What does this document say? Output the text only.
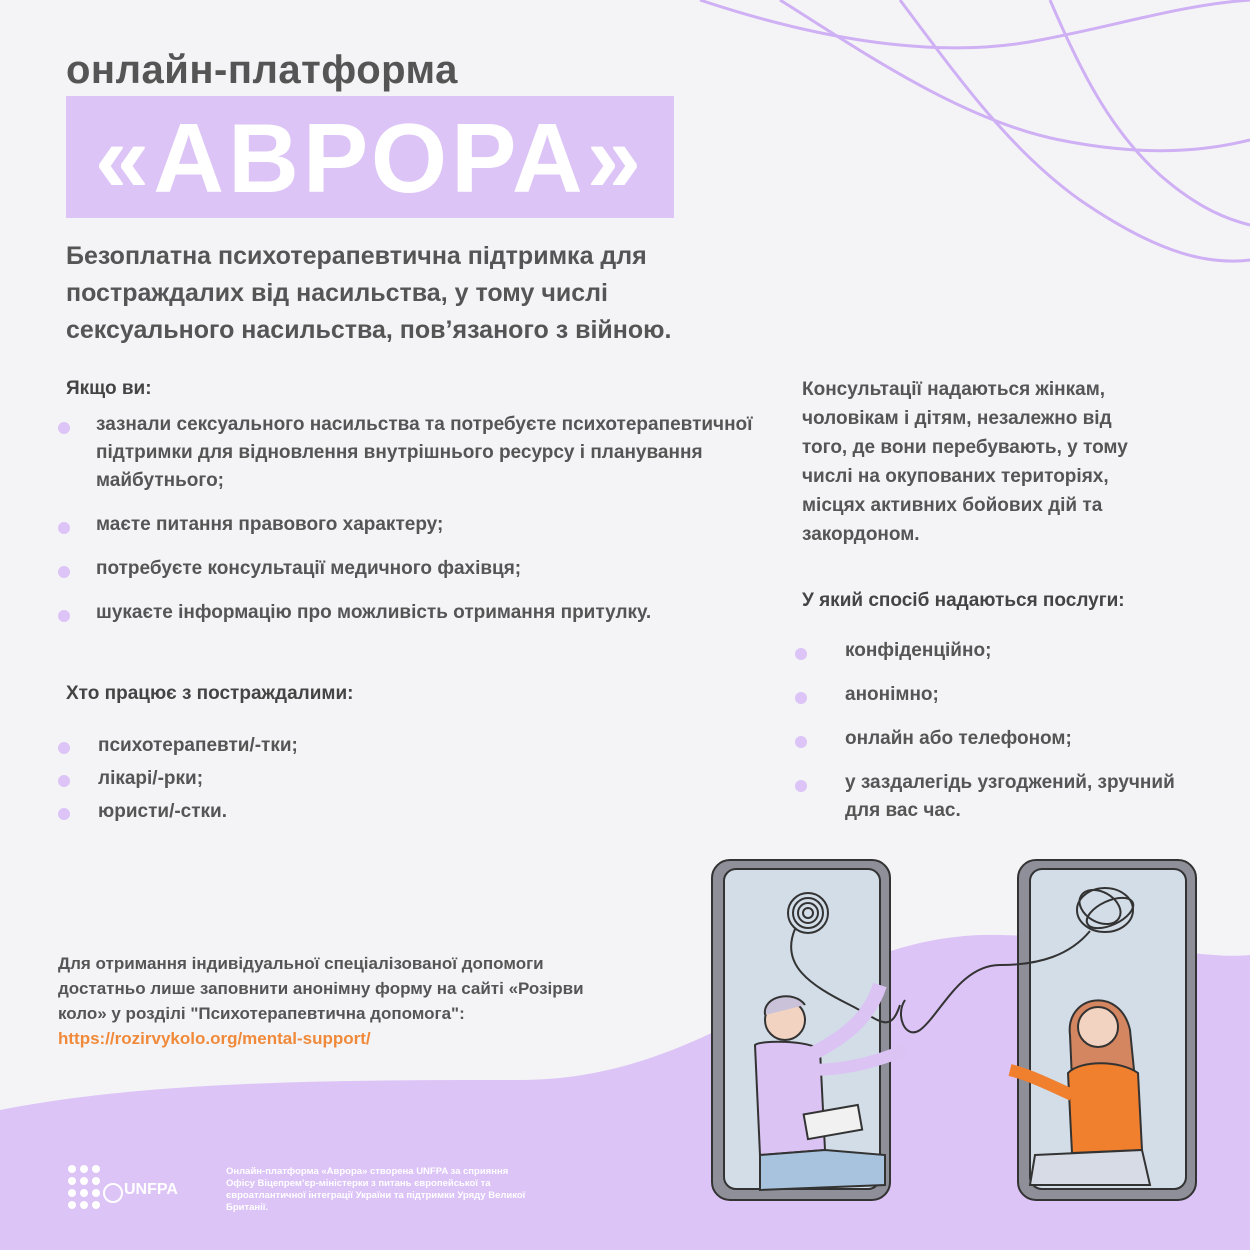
онлайн-платформа
«АВРОРА»
Безоплатна психотерапевтична підтримка для постраждалих від насильства, у тому числі сексуального насильства, пов’язаного з війною.
Якщо ви:
зазнали сексуального насильства та потребуєте психотерапевтичної підтримки для відновлення внутрішнього ресурсу і планування майбутнього;
маєте питання правового характеру;
потребуєте консультації медичного фахівця;
шукаєте інформацію про можливість отримання притулку.
Хто працює з постраждалими:
психотерапевти/-тки;
лікарі/-рки;
юристи/-стки.
Консультації надаються жінкам, чоловікам і дітям, незалежно від того, де вони перебувають, у тому числі на окупованих територіях, місцях активних бойових дій та закордоном.
У який спосіб надаються послуги:
конфіденційно;
анонімно;
онлайн або телефоном;
у заздалегідь узгоджений, зручний для вас час.
Для отримання індивідуальної спеціалізованої допомоги достатньо лише заповнити анонімну форму на сайті «Розірви коло» у розділі "Психотерапевтична допомога":
https://rozirvykolo.org/mental-support/
UNFPA
Онлайн-платформа «Аврора» створена UNFPA за сприяння Офісу Віцепрем’єр-міністерки з питань європейської та євроатлантичної інтеграції України та підтримки Уряду Великої Британії.
